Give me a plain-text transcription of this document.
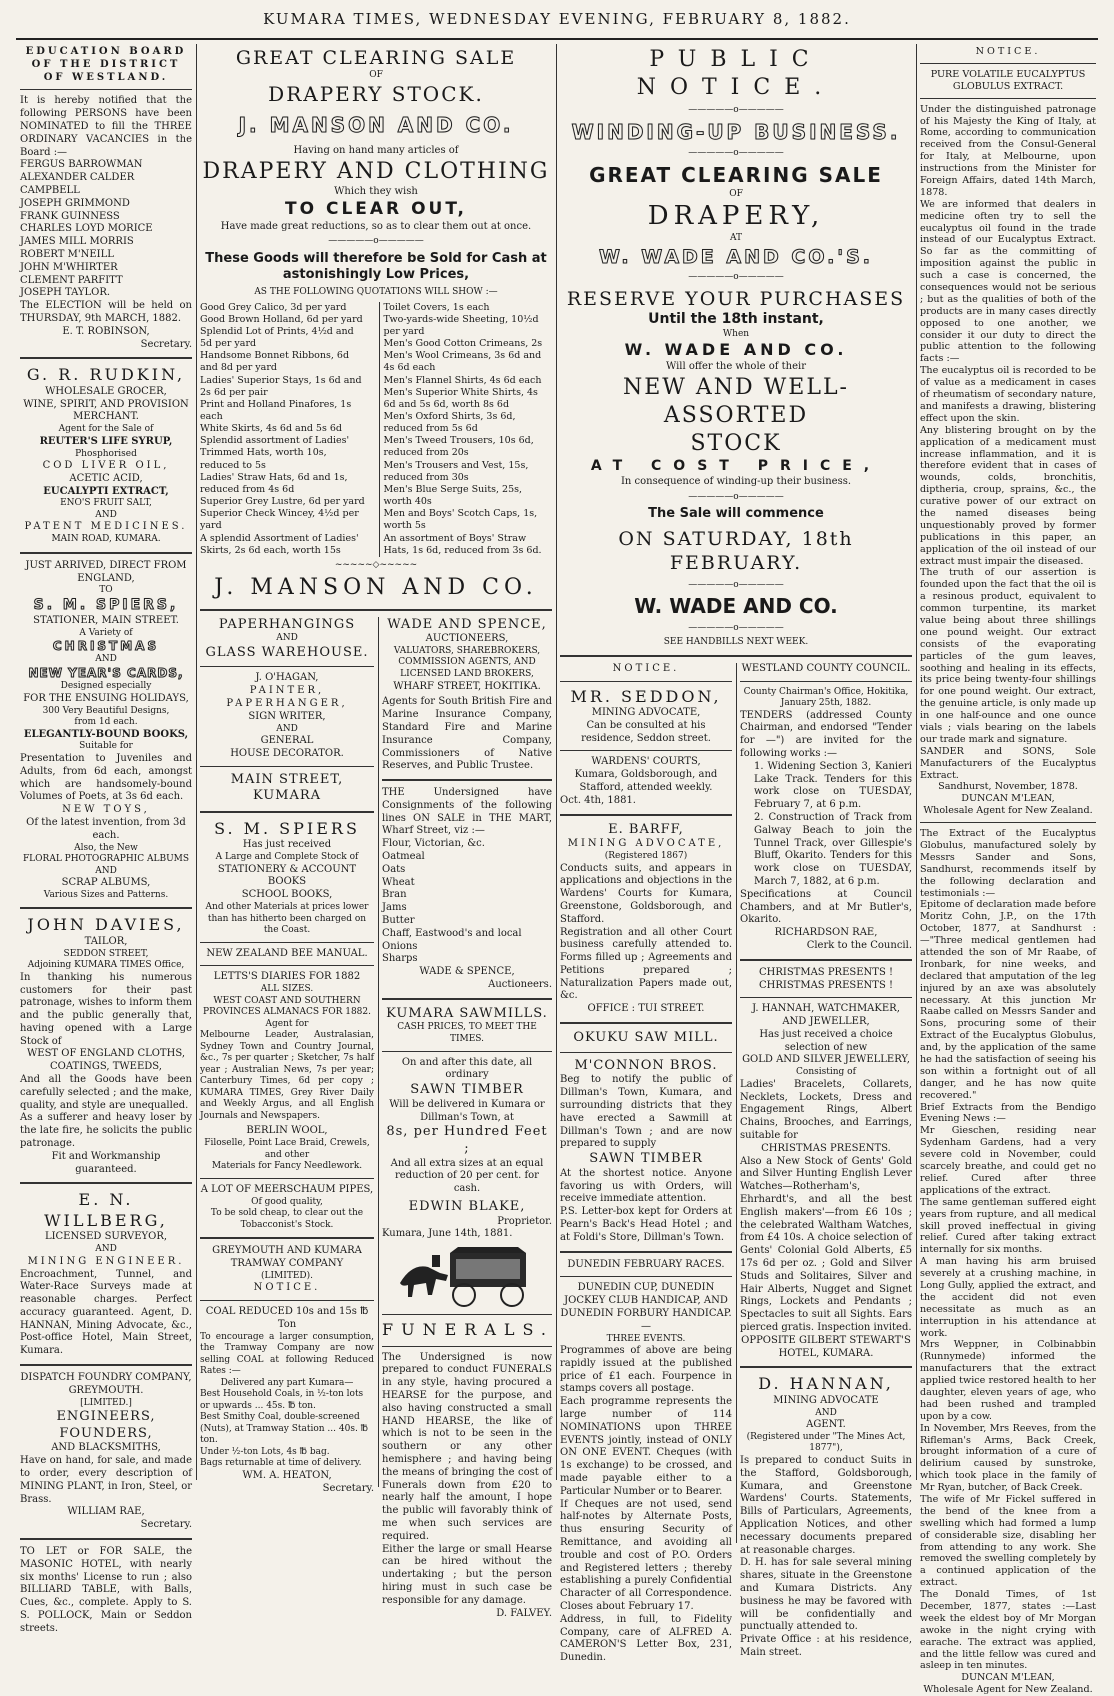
KUMARA TIMES, WEDNESDAY EVENING, FEBRUARY 8, 1882.
EDUCATION BOARD OF THE DISTRICT OF WESTLAND.
It is hereby notified that the following PERSONS have been NOMINATED to fill the THREE ORDINARY VACANCIES in the Board :—
FERGUS BARROWMAN
ALEXANDER CALDER CAMPBELL
JOSEPH GRIMMOND
FRANK GUINNESS
CHARLES LOYD MORICE
JAMES MILL MORRIS
ROBERT M'NEILL
JOHN M'WHIRTER
CLEMENT PARFITT
JOSEPH TAYLOR.
The ELECTION will be held on THURSDAY, 9th MARCH, 1882.
E. T. ROBINSON,
Secretary.
G. R. RUDKIN,
WHOLESALE GROCER,
WINE, SPIRIT, AND PROVISION
MERCHANT.
Agent for the Sale of
REUTER'S LIFE SYRUP,
Phosphorised
COD LIVER OIL,
ACETIC ACID,
EUCALYPTI EXTRACT,
ENO'S FRUIT SALT,
AND
PATENT MEDICINES.
MAIN ROAD, KUMARA.
JUST ARRIVED, DIRECT FROM ENGLAND,
TO
S. M. SPIERS,
STATIONER, MAIN STREET.
A Variety of
CHRISTMAS
AND
NEW YEAR'S CARDS,
Designed especially
FOR THE ENSUING HOLIDAYS,
300 Very Beautiful Designs,
from 1d each.
ELEGANTLY-BOUND BOOKS,
Suitable for
Presentation to Juveniles and Adults, from 6d each, amongst which are handsomely-bound Volumes of Poets, at 3s 6d each.
NEW TOYS,
Of the latest invention, from 3d each.
Also, the New
FLORAL PHOTOGRAPHIC ALBUMS
AND
SCRAP ALBUMS,
Various Sizes and Patterns.
JOHN DAVIES,
TAILOR,
SEDDON STREET,
Adjoining KUMARA TIMES Office,
In thanking his numerous customers for their past patronage, wishes to inform them and the public generally that, having opened with a Large Stock of
WEST OF ENGLAND CLOTHS,
COATINGS, TWEEDS,
And all the Goods have been carefully selected ; and the make, quality, and style are unequalled.
As a sufferer and heavy loser by the late fire, he solicits the public patronage.
Fit and Workmanship guaranteed.
E. N. WILLBERG,
LICENSED SURVEYOR,
AND
MINING ENGINEER.
Encroachment, Tunnel, and Water-Race Surveys made at reasonable charges. Perfect accuracy guaranteed. Agent, D. HANNAN, Mining Advocate, &c., Post-office Hotel, Main Street, Kumara.
DISPATCH FOUNDRY COMPANY, GREYMOUTH.
[LIMITED.]
ENGINEERS, FOUNDERS,
AND BLACKSMITHS,
Have on hand, for sale, and made to order, every description of MINING PLANT, in Iron, Steel, or Brass.
WILLIAM RAE,
Secretary.
TO LET or FOR SALE, the MASONIC HOTEL, with nearly six months' License to run ; also BILLIARD TABLE, with Balls, Cues, &c., complete. Apply to S. S. POLLOCK, Main or Seddon streets.
GREAT CLEARING SALE
OF
DRAPERY STOCK.
J. MANSON AND CO.
Having on hand many articles of
DRAPERY AND CLOTHING
Which they wish
TO CLEAR OUT,
Have made great reductions, so as to clear them out at once.
—————o—————
These Goods will therefore be Sold for Cash at astonishingly Low Prices,
AS THE FOLLOWING QUOTATIONS WILL SHOW :—
Good Grey Calico, 3d per yard
Good Brown Holland, 6d per yard
Splendid Lot of Prints, 4½d and 5d per yard
Handsome Bonnet Ribbons, 6d and 8d per yard
Ladies' Superior Stays, 1s 6d and 2s 6d per pair
Print and Holland Pinafores, 1s each
White Skirts, 4s 6d and 5s 6d
Splendid assortment of Ladies' Trimmed Hats, worth 10s, reduced to 5s
Ladies' Straw Hats, 6d and 1s, reduced from 4s 6d
Superior Grey Lustre, 6d per yard
Superior Check Wincey, 4½d per yard
A splendid Assortment of Ladies' Skirts, 2s 6d each, worth 15s
Toilet Covers, 1s each
Two-yards-wide Sheeting, 10½d per yard
Men's Good Cotton Crimeans, 2s
Men's Wool Crimeans, 3s 6d and 4s 6d each
Men's Flannel Shirts, 4s 6d each
Men's Superior White Shirts, 4s 6d and 5s 6d, worth 8s 6d
Men's Oxford Shirts, 3s 6d, reduced from 5s 6d
Men's Tweed Trousers, 10s 6d, reduced from 20s
Men's Trousers and Vest, 15s, reduced from 30s
Men's Blue Serge Suits, 25s, worth 40s
Men and Boys' Scotch Caps, 1s, worth 5s
An assortment of Boys' Straw Hats, 1s 6d, reduced from 3s 6d.
~~~~~◇~~~~~
J. MANSON AND CO.
PAPERHANGINGS
AND
GLASS WAREHOUSE.
J. O'HAGAN,
PAINTER, PAPERHANGER,
SIGN WRITER,
AND
GENERAL
HOUSE DECORATOR.
MAIN STREET, KUMARA
S. M. SPIERS
Has just received
A Large and Complete Stock of
STATIONERY & ACCOUNT BOOKS
SCHOOL BOOKS,
And other Materials at prices lower than has hitherto been charged on the Coast.
NEW ZEALAND BEE MANUAL.
LETTS'S DIARIES FOR 1882
ALL SIZES.
WEST COAST AND SOUTHERN PROVINCES ALMANACS FOR 1882.
Agent for
Melbourne Leader, Australasian, Sydney Town and Country Journal, &c., 7s per quarter ; Sketcher, 7s half year ; Australian News, 7s per year; Canterbury Times, 6d per copy ; KUMARA TIMES, Grey River Daily and Weekly Argus, and all English Journals and Newspapers.
BERLIN WOOL,
Filoselle, Point Lace Braid, Crewels, and other
Materials for Fancy Needlework.
A LOT OF MEERSCHAUM PIPES,
Of good quality,
To be sold cheap, to clear out the Tobacconist's Stock.
GREYMOUTH AND KUMARA TRAMWAY COMPANY
(LIMITED).
NOTICE.
COAL REDUCED 10s and 15s ℔ Ton
To encourage a larger consumption, the Tramway Company are now selling COAL at following Reduced Rates :—
Delivered any part Kumara—
Best Household Coals, in ½-ton lots or upwards ... 45s. ℔ ton.
Best Smithy Coal, double-screened (Nuts), at Tramway Station ... 40s. ℔ ton.
Under ½-ton Lots, 4s ℔ bag.
Bags returnable at time of delivery.
WM. A. HEATON,
Secretary.
WADE AND SPENCE,
AUCTIONEERS,
VALUATORS, SHAREBROKERS, COMMISSION AGENTS, AND
LICENSED LAND BROKERS,
WHARF STREET, HOKITIKA.
Agents for South British Fire and Marine Insurance Company, Standard Fire and Marine Insurance Company, Commissioners of Native Reserves, and Public Trustee.
THE Undersigned have Consignments of the following lines ON SALE in THE MART, Wharf Street, viz :—
Flour, Victorian, &c.
Oatmeal
Oats
Wheat
Bran
Jams
Butter
Chaff, Eastwood's and local
Onions
Sharps
WADE & SPENCE,
Auctioneers.
KUMARA SAWMILLS.
CASH PRICES, TO MEET THE TIMES.
On and after this date, all ordinary
SAWN TIMBER
Will be delivered in Kumara or Dillman's Town, at
8s, per Hundred Feet ;
And all extra sizes at an equal reduction of 20 per cent. for cash.
EDWIN BLAKE,
Proprietor.
Kumara, June 14th, 1881.
FUNERALS.
The Undersigned is now prepared to conduct FUNERALS in any style, having procured a HEARSE for the purpose, and also having constructed a small HAND HEARSE, the like of which is not to be seen in the southern or any other hemisphere ; and having being the means of bringing the cost of Funerals down from £20 to nearly half the amount, I hope the public will favorably think of me when such services are required.
Either the large or small Hearse can be hired without the undertaking ; but the person hiring must in such case be responsible for any damage.
D. FALVEY.
PUBLIC NOTICE.
—————o—————
WINDING-UP BUSINESS.
—————o—————
GREAT CLEARING SALE
OF
DRAPERY,
AT
W. WADE AND CO.'S.
—————o—————
RESERVE YOUR PURCHASES
Until the 18th instant,
When
W. WADE AND CO.
Will offer the whole of their
NEW AND WELL-ASSORTED
STOCK
AT COST PRICE,
In consequence of winding-up their business.
—————o—————
The Sale will commence
ON SATURDAY, 18th FEBRUARY.
—————o—————
W. WADE AND CO.
—————o—————
SEE HANDBILLS NEXT WEEK.
NOTICE.
MR. SEDDON,
MINING ADVOCATE,
Can be consulted at his residence, Seddon street.
WARDENS' COURTS,
Kumara, Goldsborough, and Stafford, attended weekly.
Oct. 4th, 1881.
E. BARFF,
MINING ADVOCATE,
(Registered 1867)
Conducts suits, and appears in applications and objections in the Wardens' Courts for Kumara, Greenstone, Goldsborough, and Stafford.
Registration and all other Court business carefully attended to. Forms filled up ; Agreements and Petitions prepared ; Naturalization Papers made out, &c.
OFFICE : TUI STREET.
OKUKU SAW MILL.
M'CONNON BROS.
Beg to notify the public of Dillman's Town, Kumara, and surrounding districts that they have erected a Sawmill at Dillman's Town ; and are now prepared to supply
SAWN TIMBER
At the shortest notice. Anyone favoring us with Orders, will receive immediate attention.
P.S. Letter-box kept for Orders at Pearn's Back's Head Hotel ; and at Foldi's Store, Dillman's Town.
DUNEDIN FEBRUARY RACES.
DUNEDIN CUP, DUNEDIN JOCKEY CLUB HANDICAP, AND DUNEDIN FORBURY HANDICAP.—
THREE EVENTS.
Programmes of above are being rapidly issued at the published price of £1 each. Fourpence in stamps covers all postage.
Each programme represents the large number of 114 NOMINATIONS upon THREE EVENTS jointly, instead of ONLY ON ONE EVENT. Cheques (with 1s exchange) to be crossed, and made payable either to a Particular Number or to Bearer.
If Cheques are not used, send half-notes by Alternate Posts, thus ensuring Security of Remittance, and avoiding all trouble and cost of P.O. Orders and Registered letters ; thereby establishing a purely Confidential Character of all Correspondence. Closes about February 17.
Address, in full, to Fidelity Company, care of ALFRED A. CAMERON'S Letter Box, 231, Dunedin.
WESTLAND COUNTY COUNCIL.
County Chairman's Office, Hokitika, January 25th, 1882.
TENDERS (addressed County Chairman, and endorsed "Tender for —") are invited for the following works :—
1. Widening Section 3, Kanieri Lake Track. Tenders for this work close on TUESDAY, February 7, at 6 p.m.
2. Construction of Track from Galway Beach to join the Tunnel Track, over Gillespie's Bluff, Okarito. Tenders for this work close on TUESDAY, March 7, 1882, at 6 p.m.
Specifications at Council Chambers, and at Mr Butler's, Okarito.
RICHARDSON RAE,
Clerk to the Council.
CHRISTMAS PRESENTS ! CHRISTMAS PRESENTS !
J. HANNAH, WATCHMAKER, AND JEWELLER,
Has just received a choice selection of new
GOLD AND SILVER JEWELLERY,
Consisting of
Ladies' Bracelets, Collarets, Necklets, Lockets, Dress and Engagement Rings, Albert Chains, Brooches, and Earrings, suitable for
CHRISTMAS PRESENTS.
Also a New Stock of Gents' Gold and Silver Hunting English Lever Watches—Rotherham's, Ehrhardt's, and all the best English makers'—from £6 10s ; the celebrated Waltham Watches, from £4 10s. A choice selection of Gents' Colonial Gold Alberts, £5 17s 6d per oz. ; Gold and Silver Studs and Solitaires, Silver and Hair Alberts, Nugget and Signet Rings, Lockets and Pendants ; Spectacles to suit all Sights. Ears pierced gratis. Inspection invited.
OPPOSITE GILBERT STEWART'S HOTEL, KUMARA.
D. HANNAN,
MINING ADVOCATE
AND
AGENT.
(Registered under "The Mines Act, 1877"),
Is prepared to conduct Suits in the Stafford, Goldsborough, Kumara, and Greenstone Wardens' Courts. Statements, Bills of Particulars, Agreements, Application Notices, and other necessary documents prepared at reasonable charges.
D. H. has for sale several mining shares, situate in the Greenstone and Kumara Districts. Any business he may be favored with will be confidentially and punctually attended to.
Private Office : at his residence, Main street.
NOTICE.
PURE VOLATILE EUCALYPTUS GLOBULUS EXTRACT.
Under the distinguished patronage of his Majesty the King of Italy, at Rome, according to communication received from the Consul-General for Italy, at Melbourne, upon instructions from the Minister for Foreign Affairs, dated 14th March, 1878.
We are informed that dealers in medicine often try to sell the eucalyptus oil found in the trade instead of our Eucalyptus Extract. So far as the committing of imposition against the public in such a case is concerned, the consequences would not be serious ; but as the qualities of both of the products are in many cases directly opposed to one another, we consider it our duty to direct the public attention to the following facts :—
The eucalyptus oil is recorded to be of value as a medicament in cases of rheumatism of secondary nature, and manifests a drawing, blistering effect upon the skin.
Any blistering brought on by the application of a medicament must increase inflammation, and it is therefore evident that in cases of wounds, colds, bronchitis, diptheria, croup, sprains, &c., the curative power of our extract on the named diseases being unquestionably proved by former publications in this paper, an application of the oil instead of our extract must impair the diseased.
The truth of our assertion is founded upon the fact that the oil is a resinous product, equivalent to common turpentine, its market value being about three shillings one pound weight. Our extract consists of the evaporating particles of the gum leaves, soothing and healing in its effects, its price being twenty-four shillings for one pound weight. Our extract, the genuine article, is only made up in one half-ounce and one ounce vials ; vials bearing on the labels our trade mark and signature.
SANDER and SONS, Sole Manufacturers of the Eucalyptus Extract.
Sandhurst, November, 1878.
DUNCAN M'LEAN,
Wholesale Agent for New Zealand.
The Extract of the Eucalyptus Globulus, manufactured solely by Messrs Sander and Sons, Sandhurst, recommends itself by the following declaration and testimonials :—
Epitome of declaration made before Moritz Cohn, J.P., on the 17th October, 1877, at Sandhurst :—"Three medical gentlemen had attended the son of Mr Raabe, of Ironbark, for nine weeks, and declared that amputation of the leg injured by an axe was absolutely necessary. At this junction Mr Raabe called on Messrs Sander and Sons, procuring some of their Extract of the Eucalyptus Globulus, and, by the application of the same he had the satisfaction of seeing his son within a fortnight out of all danger, and he has now quite recovered."
Brief Extracts from the Bendigo Evening News :—
Mr Gieschen, residing near Sydenham Gardens, had a very severe cold in November, could scarcely breathe, and could get no relief. Cured after three applications of the extract.
The same gentleman suffered eight years from rupture, and all medical skill proved ineffectual in giving relief. Cured after taking extract internally for six months.
A man having his arm bruised severely at a crushing machine, in Long Gully, applied the extract, and the accident did not even necessitate as much as an interruption in his attendance at work.
Mrs Weppner, in Colbinabbin (Runnymede) informed the manufacturers that the extract applied twice restored health to her daughter, eleven years of age, who had been rushed and trampled upon by a cow.
In November, Mrs Reeves, from the Rifleman's Arms, Back Creek, brought information of a cure of delirium caused by sunstroke, which took place in the family of Mr Ryan, butcher, of Back Creek.
The wife of Mr Fickel suffered in the bend of the knee from a swelling which had formed a lump of considerable size, disabling her from attending to any work. She removed the swelling completely by a continued application of the extract.
The Donald Times, of 1st December, 1877, states :—Last week the eldest boy of Mr Morgan awoke in the night crying with earache. The extract was applied, and the little fellow was cured and asleep in ten minutes.
DUNCAN M'LEAN,
Wholesale Agent for New Zealand.
